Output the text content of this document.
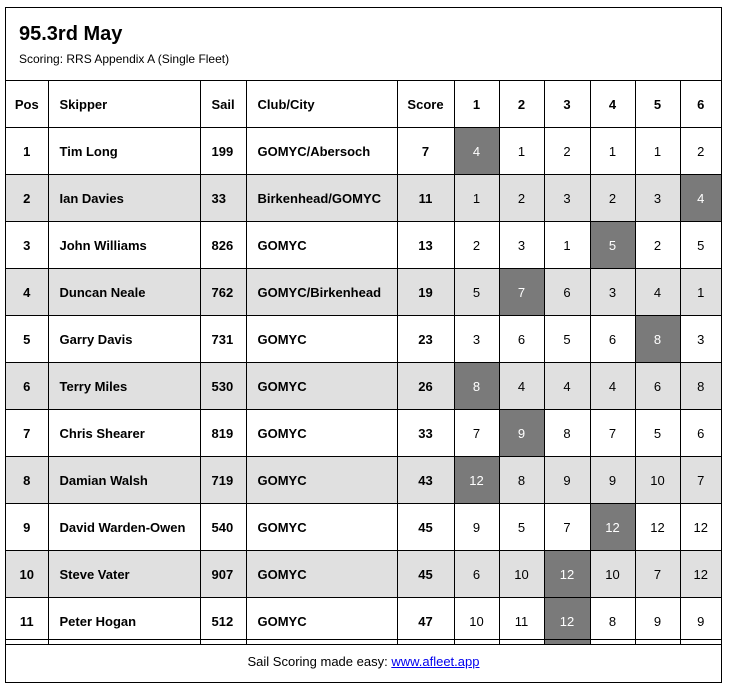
95.3rd May
Scoring: RRS Appendix A (Single Fleet)
Pos	Skipper	Sail	Club/City	Score	1	2	3	4	5	6
1	Tim Long	199	GOMYC/Abersoch	7	4	1	2	1	1	2
2	Ian Davies	33	Birkenhead/GOMYC	11	1	2	3	2	3	4
3	John Williams	826	GOMYC	13	2	3	1	5	2	5
4	Duncan Neale	762	GOMYC/Birkenhead	19	5	7	6	3	4	1
5	Garry Davis	731	GOMYC	23	3	6	5	6	8	3
6	Terry Miles	530	GOMYC	26	8	4	4	4	6	8
7	Chris Shearer	819	GOMYC	33	7	9	8	7	5	6
8	Damian Walsh	719	GOMYC	43	12	8	9	9	10	7
9	David Warden-Owen	540	GOMYC	45	9	5	7	12	12	12
10	Steve Vater	907	GOMYC	45	6	10	12	10	7	12
11	Peter Hogan	512	GOMYC	47	10	11	12	8	9	9
Sail Scoring made easy: www.afleet.app
